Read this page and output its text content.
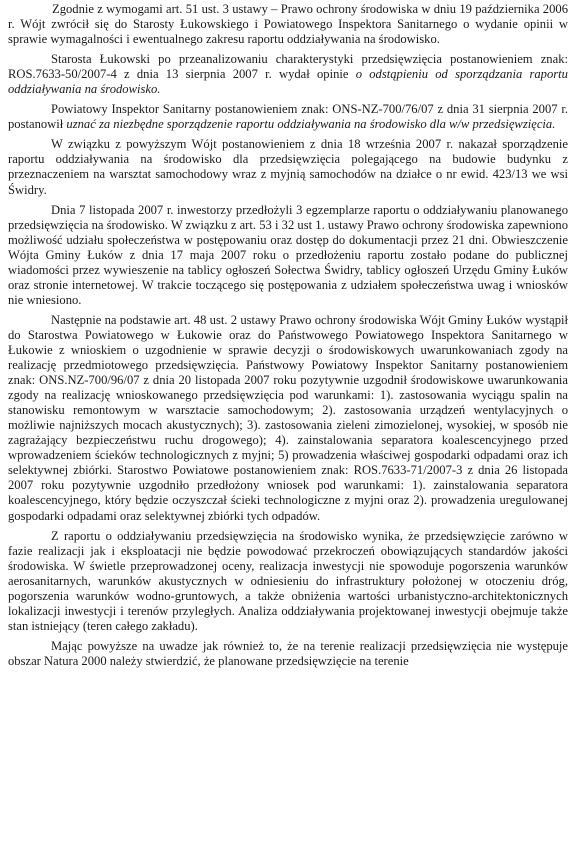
Zgodnie z wymogami art. 51 ust. 3 ustawy – Prawo ochrony środowiska w dniu 19 października 2006 r. Wójt zwrócił się do Starosty Łukowskiego i Powiatowego Inspektora Sanitarnego o wydanie opinii w sprawie wymagalności i ewentualnego zakresu raportu oddziaływania na środowisko.

Starosta Łukowski po przeanalizowaniu charakterystyki przedsięwzięcia postanowieniem znak: ROS.7633-50/2007-4 z dnia 13 sierpnia 2007 r. wydał opinie o odstąpieniu od sporządzania raportu oddziaływania na środowisko.

Powiatowy Inspektor Sanitarny postanowieniem znak: ONS-NZ-700/76/07 z dnia 31 sierpnia 2007 r. postanowił uznać za niezbędne sporządzenie raportu oddziaływania na środowisko dla w/w przedsięwzięcia.

W związku z powyższym Wójt postanowieniem z dnia 18 września 2007 r. nakazał sporządzenie raportu oddziaływania na środowisko dla przedsięwzięcia polegającego na budowie budynku z przeznaczeniem na warsztat samochodowy wraz z myjnią samochodów na działce o nr ewid. 423/13 we wsi Świdry.

Dnia 7 listopada 2007 r. inwestorzy przedłożyli 3 egzemplarze raportu o oddziaływaniu planowanego przedsięwzięcia na środowisko. W związku z art. 53 i 32 ust 1. ustawy Prawo ochrony środowiska zapewniono możliwość udziału społeczeństwa w postępowaniu oraz dostęp do dokumentacji przez 21 dni. Obwieszczenie Wójta Gminy Łuków z dnia 17 maja 2007 roku o przedłożeniu raportu zostało podane do publicznej wiadomości przez wywieszenie na tablicy ogłoszeń Sołectwa Świdry, tablicy ogłoszeń Urzędu Gminy Łuków oraz stronie internetowej. W trakcie toczącego się postępowania z udziałem społeczeństwa uwag i wniosków nie wniesiono.

Następnie na podstawie art. 48 ust. 2 ustawy Prawo ochrony środowiska Wójt Gminy Łuków wystąpił do Starostwa Powiatowego w Łukowie oraz do Państwowego Powiatowego Inspektora Sanitarnego w Łukowie z wnioskiem o uzgodnienie w sprawie decyzji o środowiskowych uwarunkowaniach zgody na realizację przedmiotowego przedsięwzięcia. Państwowy Powiatowy Inspektor Sanitarny postanowieniem znak: ONS.NZ-700/96/07 z dnia 20 listopada 2007 roku pozytywnie uzgodnił środowiskowe uwarunkowania zgody na realizację wnioskowanego przedsięwzięcia pod warunkami: 1). zastosowania wyciągu spalin na stanowisku remontowym w warsztacie samochodowym; 2). zastosowania urządzeń wentylacyjnych o możliwie najniższych mocach akustycznych); 3). zastosowania zieleni zimozielonej, wysokiej, w sposób nie zagrażający bezpieczeństwu ruchu drogowego); 4). zainstalowania separatora koalescencyjnego przed wprowadzeniem ścieków technologicznych z myjni; 5) prowadzenia właściwej gospodarki odpadami oraz ich selektywnej zbiórki. Starostwo Powiatowe postanowieniem znak: ROS.7633-71/2007-3 z dnia 26 listopada 2007 roku pozytywnie uzgodniło przedłożony wniosek pod warunkami: 1). zainstalowania separatora koalescencyjnego, który będzie oczyszczał ścieki technologiczne z myjni oraz 2). prowadzenia uregulowanej gospodarki odpadami oraz selektywnej zbiórki tych odpadów.

Z raportu o oddziaływaniu przedsięwzięcia na środowisko wynika, że przedsięwzięcie zarówno w fazie realizacji jak i eksploatacji nie będzie powodować przekroczeń obowiązujących standardów jakości środowiska. W świetle przeprowadzonej oceny, realizacja inwestycji nie spowoduje pogorszenia warunków aerosanitarnych, warunków akustycznych w odniesieniu do infrastruktury położonej w otoczeniu dróg, pogorszenia warunków wodno-gruntowych, a także obniżenia wartości urbanistyczno-architektonicznych lokalizacji inwestycji i terenów przyległych. Analiza oddziaływania projektowanej inwestycji obejmuje także stan istniejący (teren całego zakładu).

Mając powyższe na uwadze jak również to, że na terenie realizacji przedsięwzięcia nie występuje obszar Natura 2000 należy stwierdzić, że planowane przedsięwzięcie na terenie
